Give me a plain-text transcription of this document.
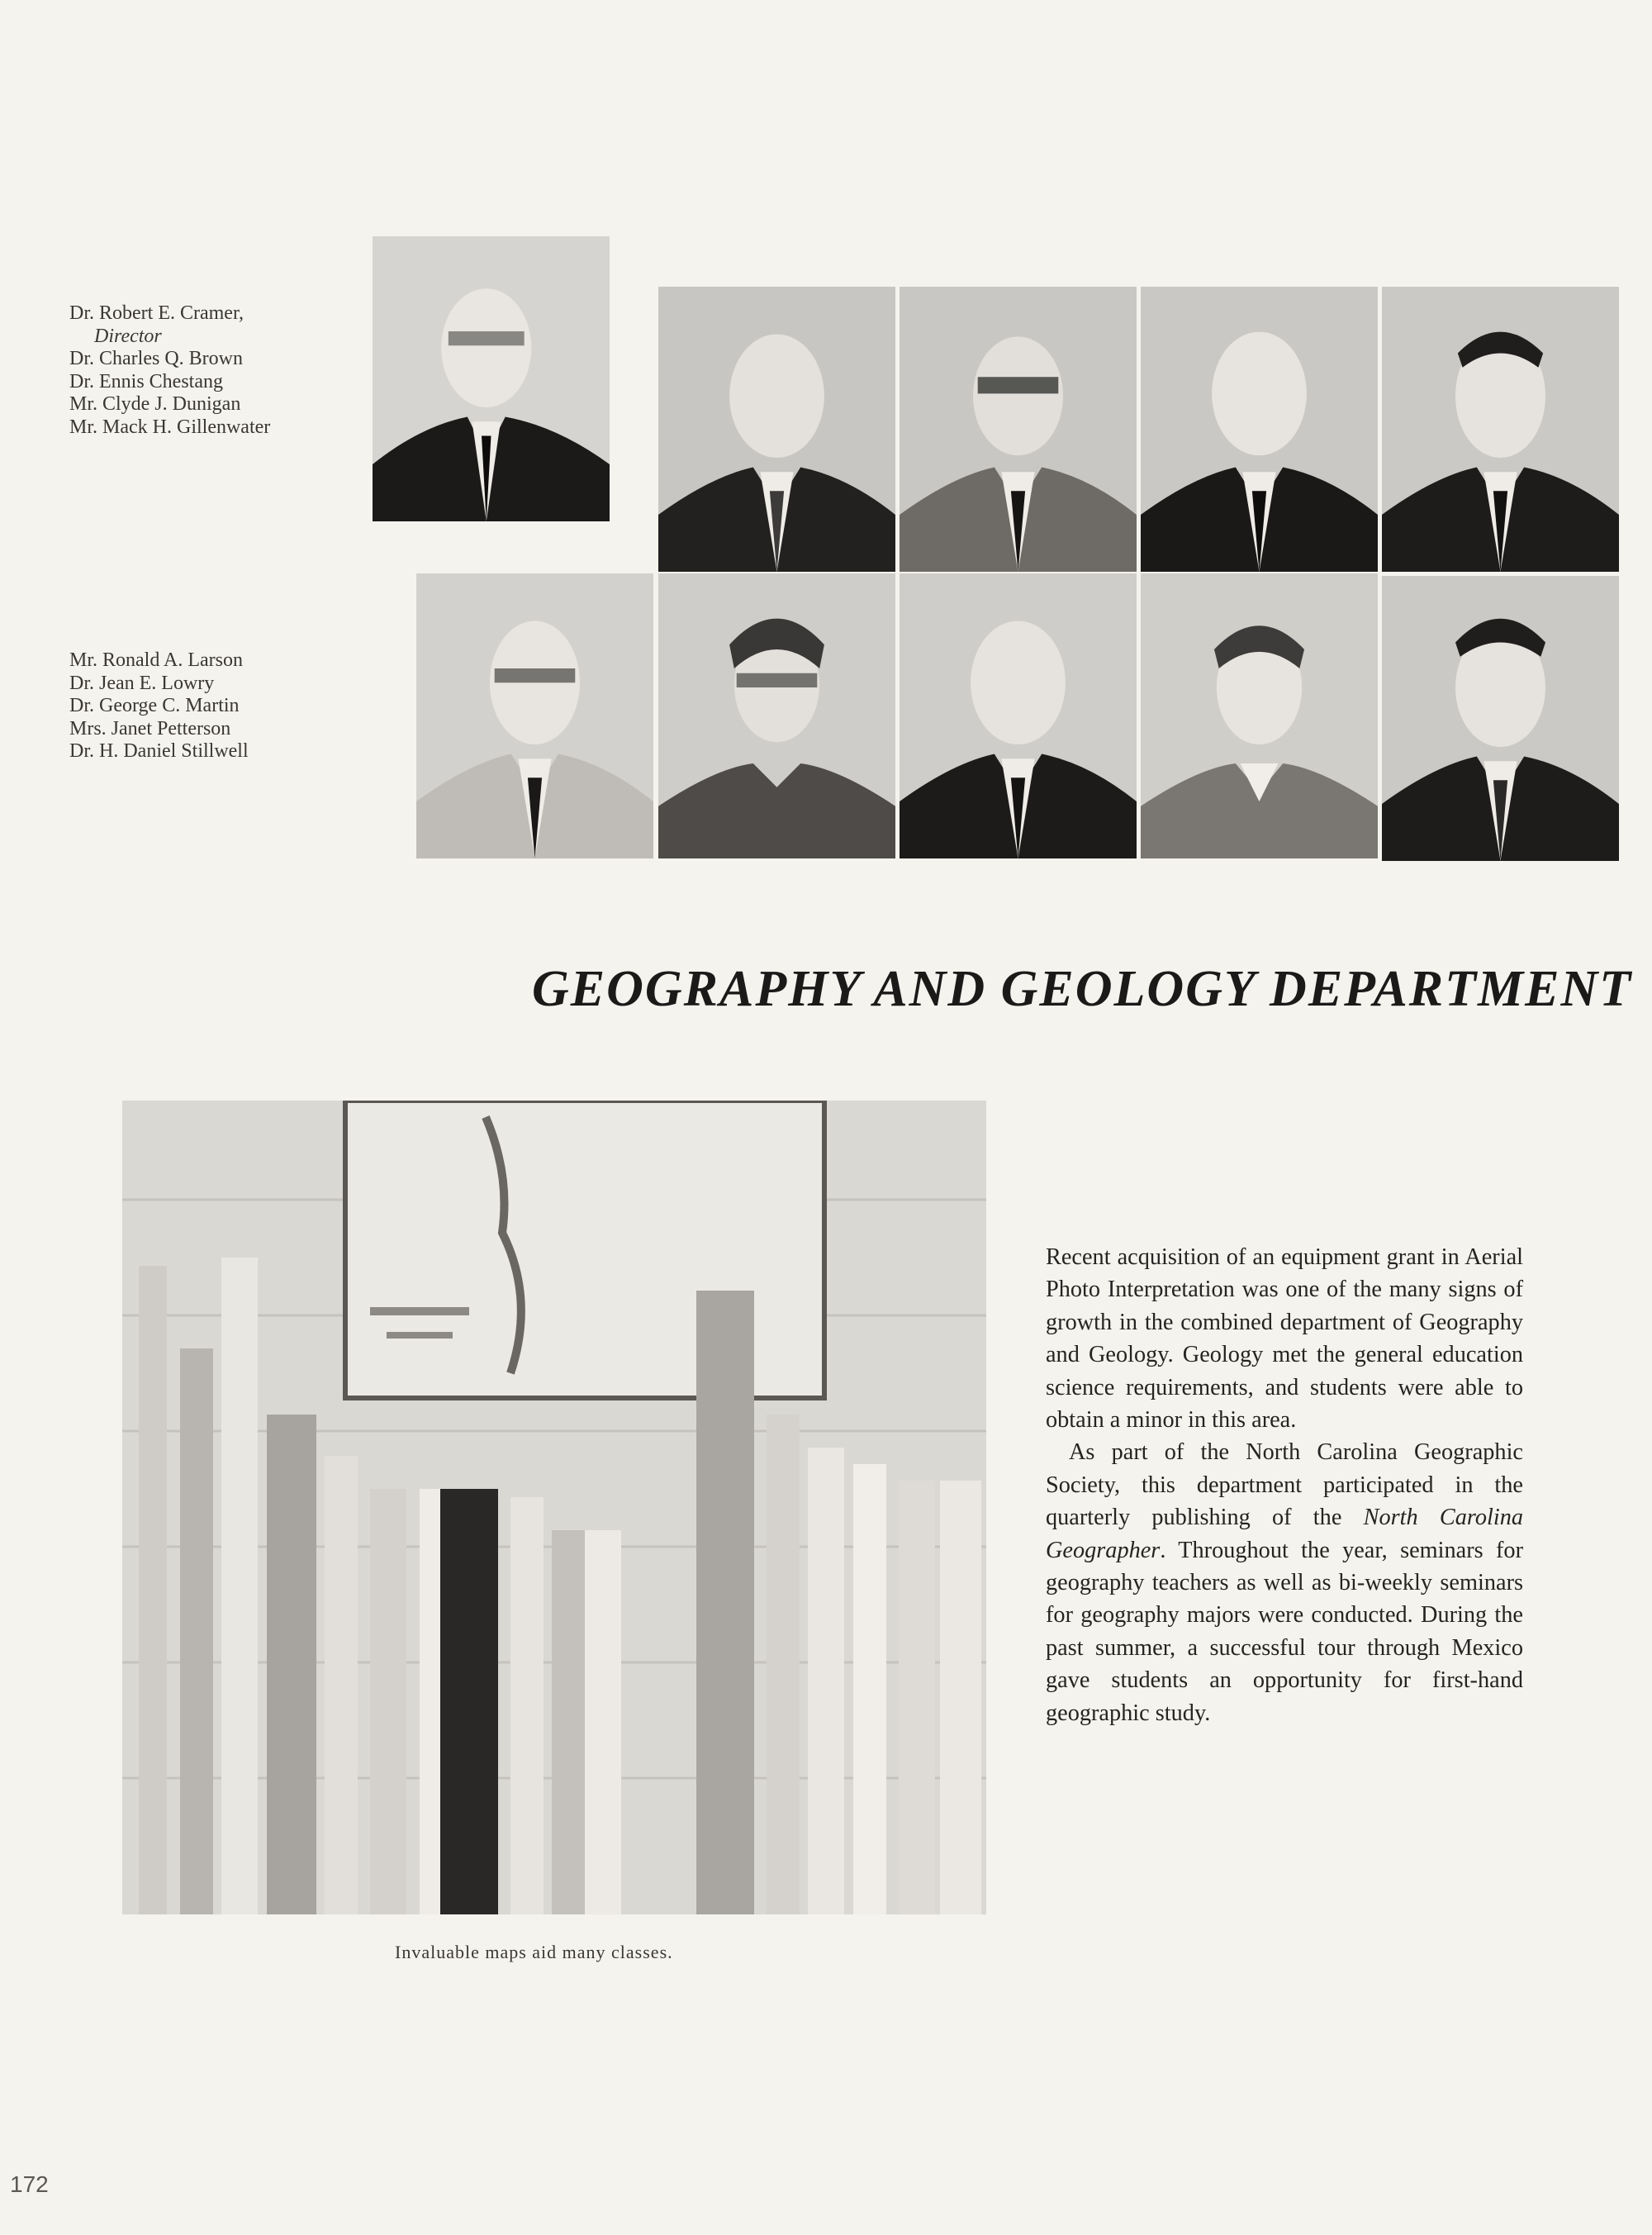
Dr. Robert E. Cramer,
Director
Dr. Charles Q. Brown
Dr. Ennis Chestang
Mr. Clyde J. Dunigan
Mr. Mack H. Gillenwater
Mr. Ronald A. Larson
Dr. Jean E. Lowry
Dr. George C. Martin
Mrs. Janet Petterson
Dr. H. Daniel Stillwell
GEOGRAPHY AND GEOLOGY DEPARTMENT
Invaluable maps aid many classes.

Recent acquisition of an equipment grant in Aerial Photo Interpretation was one of the many signs of growth in the combined department of Geography and Geology. Geology met the general education science requirements, and students were able to obtain a minor in this area.

As part of the North Carolina Geographic Society, this department participated in the quarterly publishing of the North Carolina Geographer. Throughout the year, seminars for geography teachers as well as bi-weekly seminars for geography majors were conducted. During the past summer, a successful tour through Mexico gave students an opportunity for first-hand geographic study.

172
